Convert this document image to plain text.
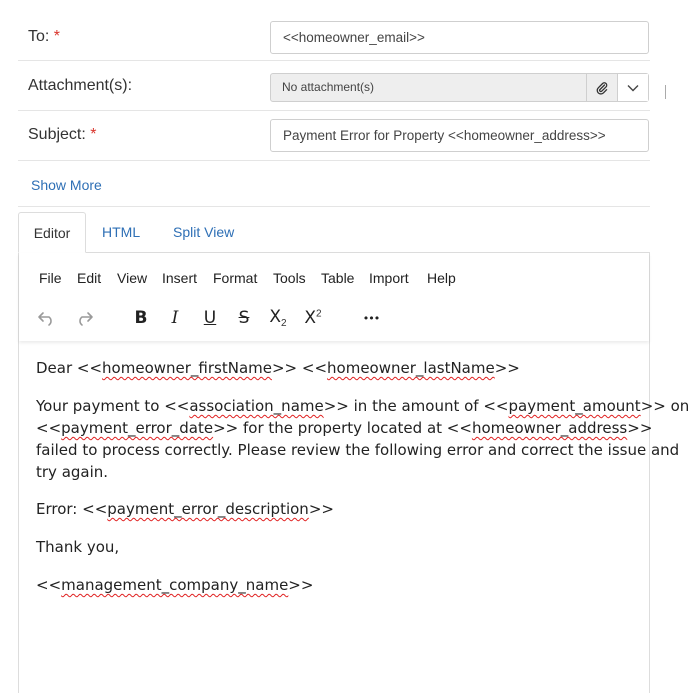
To: *
<<homeowner_email>>
Attachment(s):	No attachment(s)
Subject: *
Payment Error for Property <<homeowner_address>>
Show More
Editor	HTML Split View
File Edit View Insert Format Tools Table Import Help
B I U S $X_2$ $X^2$	•••
Dear <<homeowner_firstName>> <<homeowner_lastName>>
Your payment to <<association_name>> in the amount of <<payment_amount>> on
<<payment_error_date>> for the property located at <<homeowner_address>>
failed to process correctly. Please review the following error and correct the issue and
try again.
Error: <<payment_error_description>>
Thank you,
<<management_company_name>>
